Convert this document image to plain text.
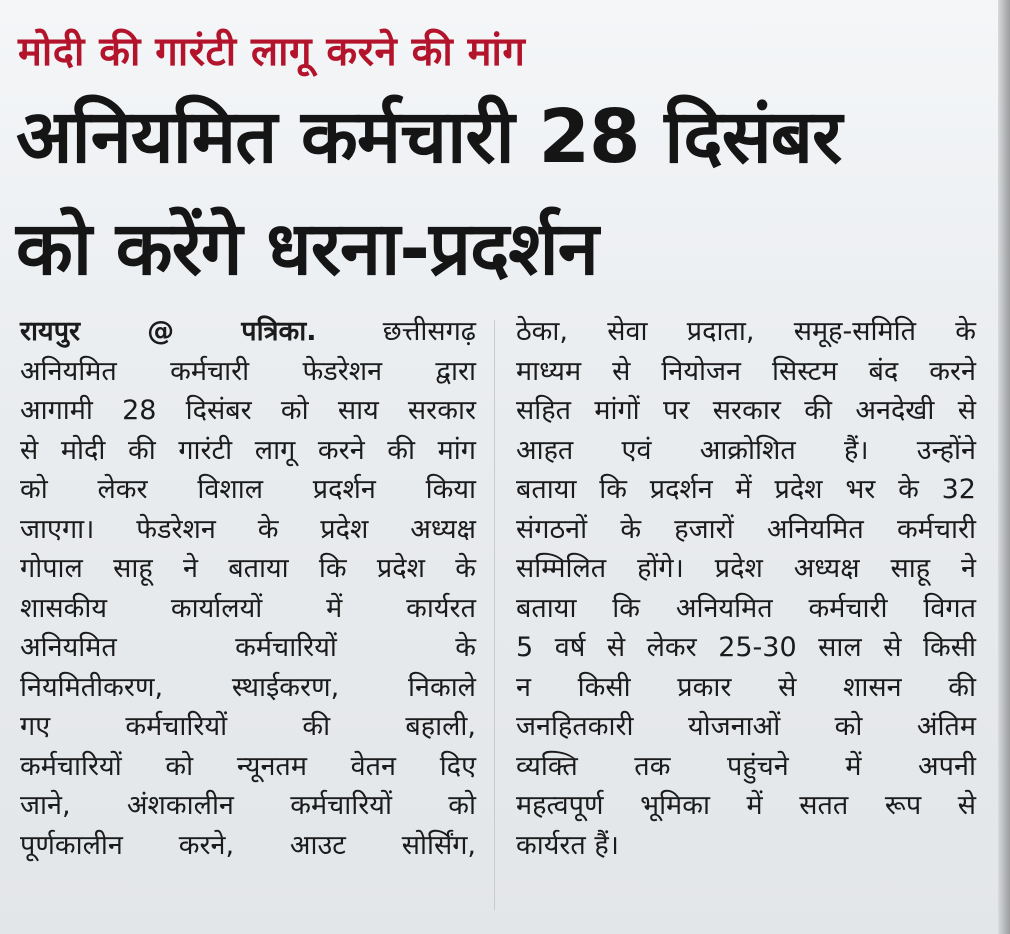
मोदी की गारंटी लागू करने की मांग
अनियमित कर्मचारी 28 दिसंबर
को करेंगे धरना-प्रदर्शन
रायपुर @ पत्रिका. छत्तीसगढ़
अनियमित कर्मचारी फेडरेशन द्वारा
आगामी 28 दिसंबर को साय सरकार
से मोदी की गारंटी लागू करने की मांग
को लेकर विशाल प्रदर्शन किया
जाएगा। फेडरेशन के प्रदेश अध्यक्ष
गोपाल साहू ने बताया कि प्रदेश के
शासकीय कार्यालयों में कार्यरत
अनियमित कर्मचारियों के
नियमितीकरण, स्थाईकरण, निकाले
गए कर्मचारियों की बहाली,
कर्मचारियों को न्यूनतम वेतन दिए
जाने, अंशकालीन कर्मचारियों को
पूर्णकालीन करने, आउट सोर्सिंग,
ठेका, सेवा प्रदाता, समूह-समिति के
माध्यम से नियोजन सिस्टम बंद करने
सहित मांगों पर सरकार की अनदेखी से
आहत एवं आक्रोशित हैं। उन्होंने
बताया कि प्रदर्शन में प्रदेश भर के 32
संगठनों के हजारों अनियमित कर्मचारी
सम्मिलित होंगे। प्रदेश अध्यक्ष साहू ने
बताया कि अनियमित कर्मचारी विगत
5 वर्ष से लेकर 25-30 साल से किसी
न किसी प्रकार से शासन की
जनहितकारी योजनाओं को अंतिम
व्यक्ति तक पहुंचने में अपनी
महत्वपूर्ण भूमिका में सतत रूप से
कार्यरत हैं।
